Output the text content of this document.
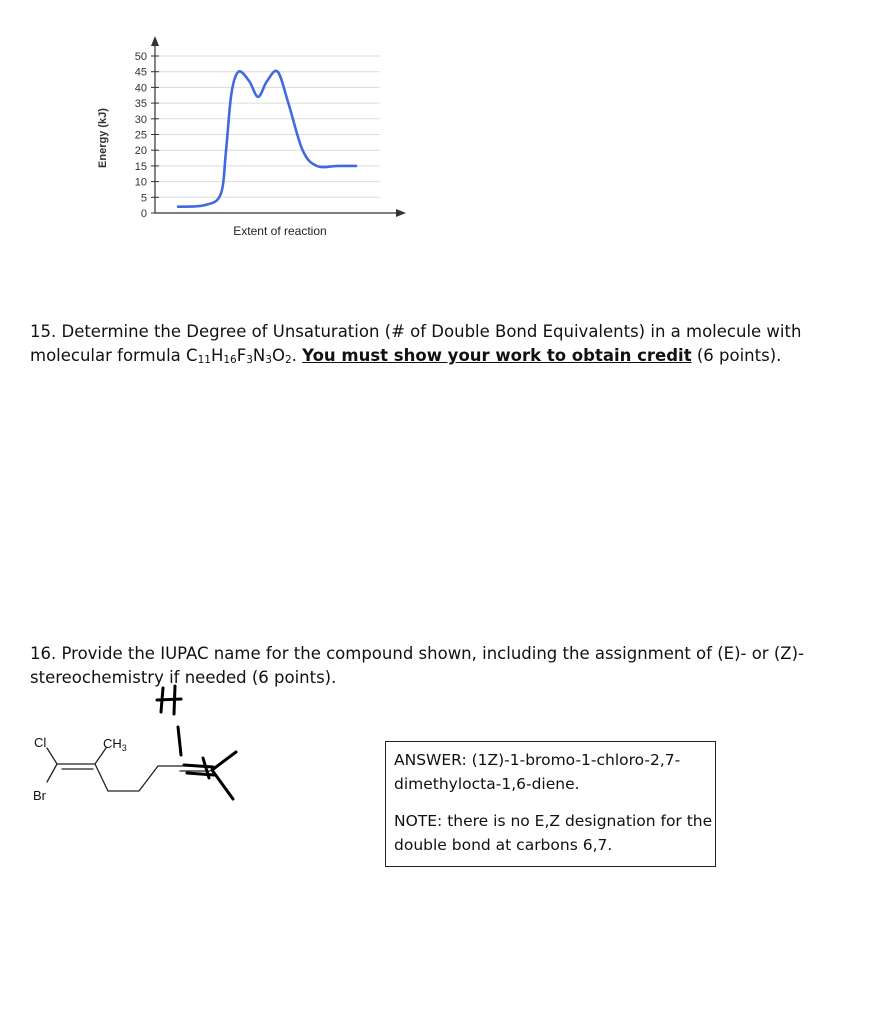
0
5
10
15
20
25
30
35
40
45
50
Energy (kJ)
Extent of reaction
15. Determine the Degree of Unsaturation (# of Double Bond Equivalents) in a molecule with molecular formula $C_{11}H_{16}F_3N_3O_2$. You must show your work to obtain credit (6 points).
16. Provide the IUPAC name for the compound shown, including the assignment of (E)- or (Z)-
stereochemistry if needed (6 points).
Cl
Br
$CH_3$

ANSWER: (1Z)-1-bromo-1-chloro-2,7-dimethylocta-1,6-diene.

NOTE: there is no E,Z designation for the double bond at carbons 6,7.
